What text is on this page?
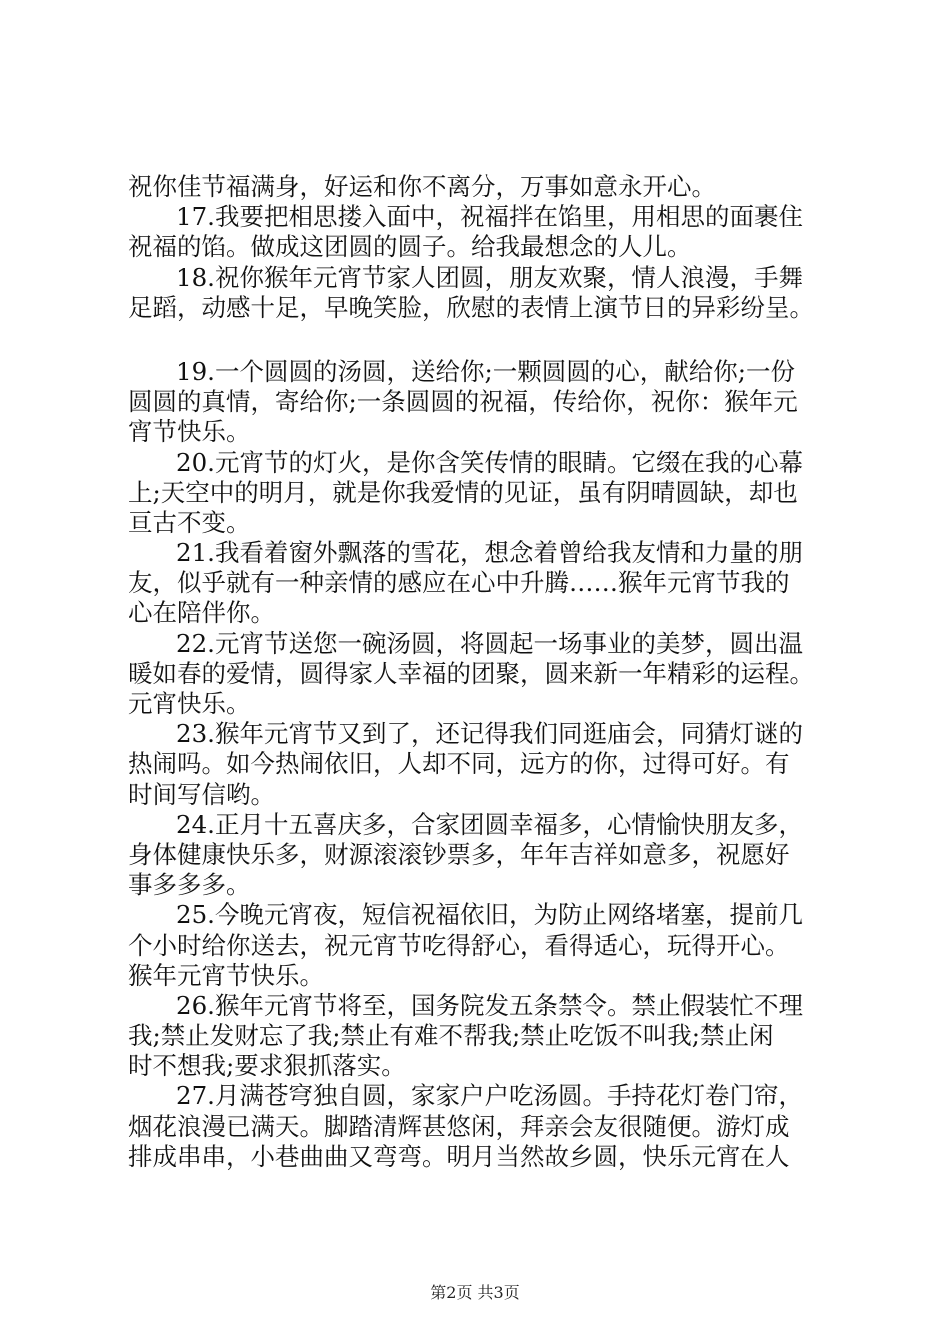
祝你佳节福满身，好运和你不离分，万事如意永开心。
17.我要把相思搂入面中，祝福拌在馅里，用相思的面裹住
祝福的馅。做成这团圆的圆子。给我最想念的人儿。
18.祝你猴年元宵节家人团圆，朋友欢聚，情人浪漫，手舞
足蹈，动感十足，早晚笑脸，欣慰的表情上演节日的异彩纷呈。
19.一个圆圆的汤圆，送给你;一颗圆圆的心，献给你;一份
圆圆的真情，寄给你;一条圆圆的祝福，传给你，祝你：猴年元
宵节快乐。
20.元宵节的灯火，是你含笑传情的眼睛。它缀在我的心幕
上;天空中的明月，就是你我爱情的见证，虽有阴晴圆缺，却也
亘古不变。
21.我看着窗外飘落的雪花，想念着曾给我友情和力量的朋
友，似乎就有一种亲情的感应在心中升腾……猴年元宵节我的
心在陪伴你。
22.元宵节送您一碗汤圆，将圆起一场事业的美梦，圆出温
暖如春的爱情，圆得家人幸福的团聚，圆来新一年精彩的运程。
元宵快乐。
23.猴年元宵节又到了，还记得我们同逛庙会，同猜灯谜的
热闹吗。如今热闹依旧，人却不同，远方的你，过得可好。有
时间写信哟。
24.正月十五喜庆多，合家团圆幸福多，心情愉快朋友多，
身体健康快乐多，财源滚滚钞票多，年年吉祥如意多，祝愿好
事多多多。
25.今晚元宵夜，短信祝福依旧，为防止网络堵塞，提前几
个小时给你送去，祝元宵节吃得舒心，看得适心，玩得开心。
猴年元宵节快乐。
26.猴年元宵节将至，国务院发五条禁令。禁止假装忙不理
我;禁止发财忘了我;禁止有难不帮我;禁止吃饭不叫我;禁止闲
时不想我;要求狠抓落实。
27.月满苍穹独自圆，家家户户吃汤圆。手持花灯卷门帘，
烟花浪漫已满天。脚踏清辉甚悠闲，拜亲会友很随便。游灯成
排成串串，小巷曲曲又弯弯。明月当然故乡圆，快乐元宵在人
第2页 共3页
